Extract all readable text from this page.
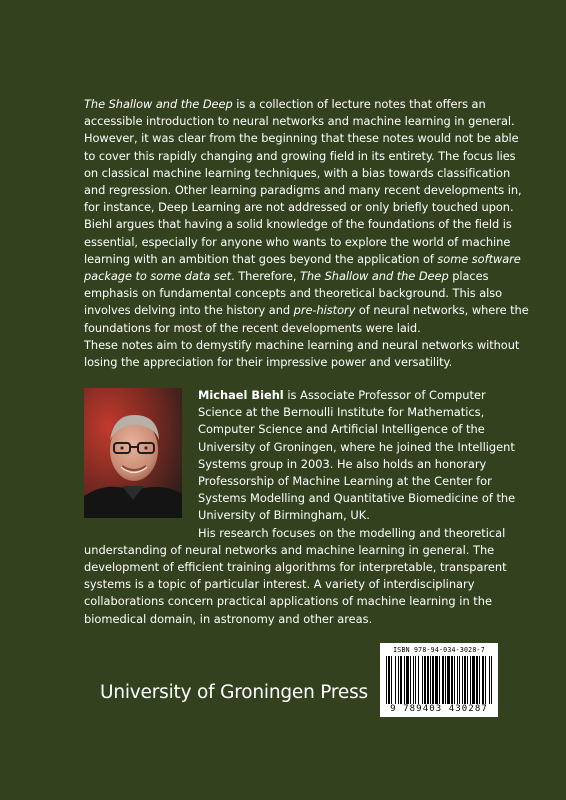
The Shallow and the Deep is a collection of lecture notes that offers an accessible introduction to neural networks and machine learning in general. However, it was clear from the beginning that these notes would not be able to cover this rapidly changing and growing field in its entirety. The focus lies on classical machine learning techniques, with a bias towards classification and regression. Other learning paradigms and many recent developments in, for instance, Deep Learning are not addressed or only briefly touched upon.

Biehl argues that having a solid knowledge of the foundations of the field is essential, especially for anyone who wants to explore the world of machine learning with an ambition that goes beyond the application of some software package to some data set. Therefore, The Shallow and the Deep places emphasis on fundamental concepts and theoretical background. This also involves delving into the history and pre-history of neural networks, where the foundations for most of the recent developments were laid.

These notes aim to demystify machine learning and neural networks without losing the appreciation for their impressive power and versatility.

Michael Biehl is Associate Professor of Computer Science at the Bernoulli Institute for Mathematics, Computer Science and Artificial Intelligence of the University of Groningen, where he joined the Intelligent Systems group in 2003. He also holds an honorary Professorship of Machine Learning at the Center for Systems Modelling and Quantitative Biomedicine of the University of Birmingham, UK.

His research focuses on the modelling and theoretical understanding of neural networks and machine learning in general. The development of efficient training algorithms for interpretable, transparent systems is a topic of particular interest. A variety of interdisciplinary collaborations concern practical applications of machine learning in the biomedical domain, in astronomy and other areas.

University of Groningen Press
ISBN 978-94-034-3028-7
9 789403 430287
